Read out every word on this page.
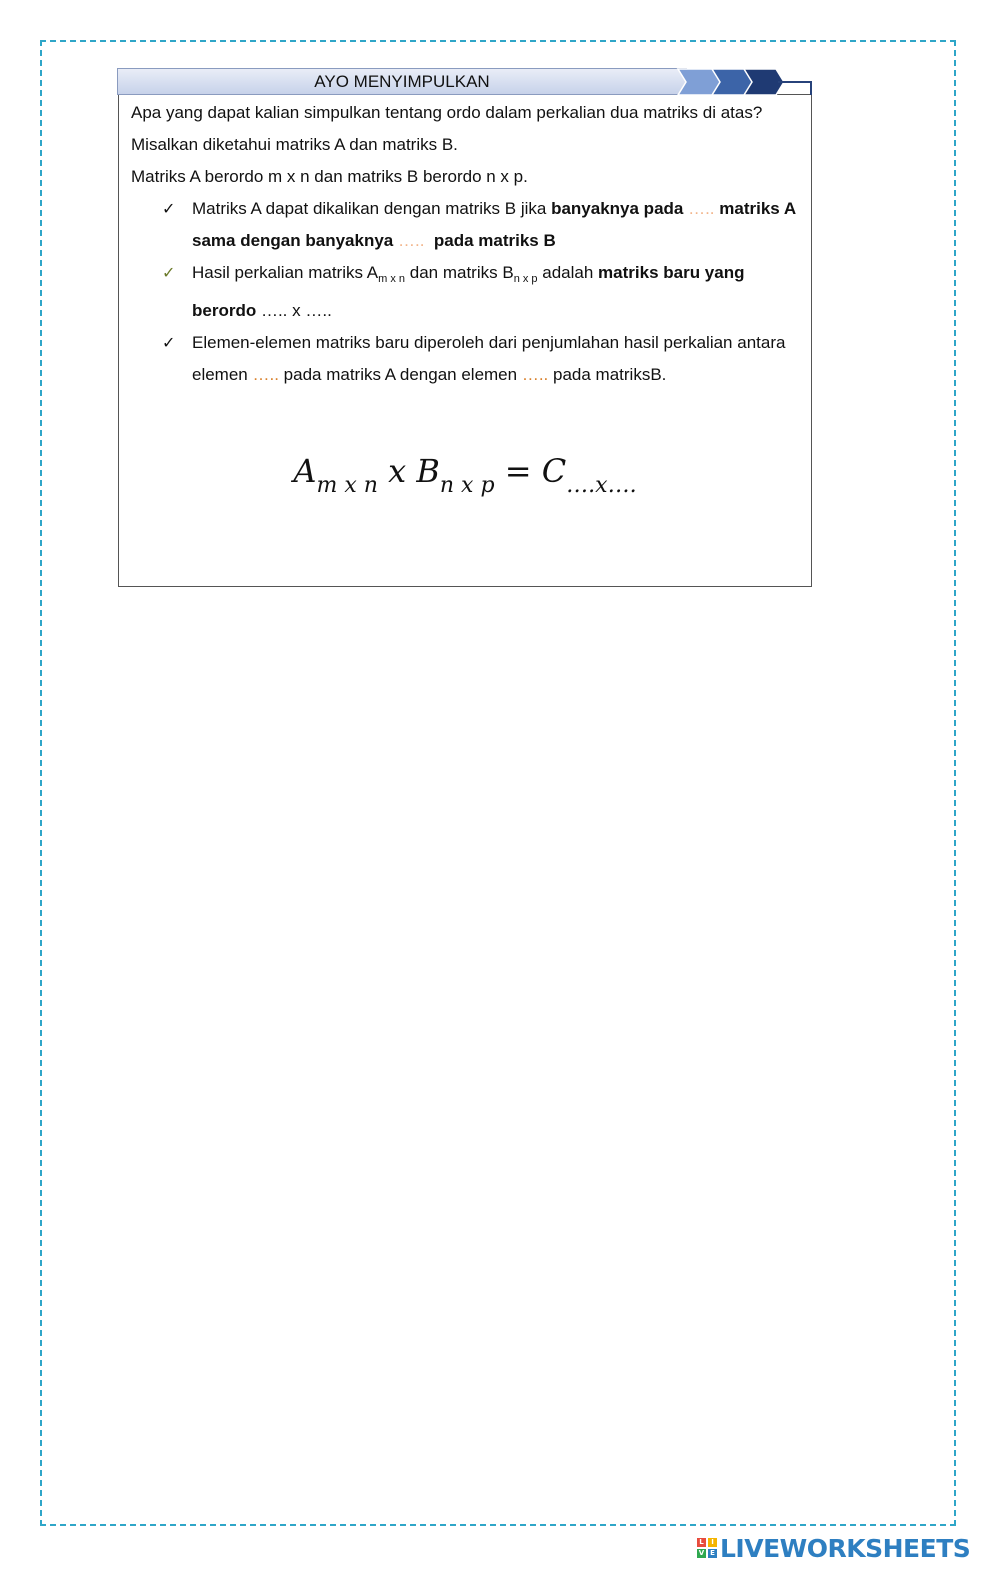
AYO MENYIMPULKAN

Apa yang dapat kalian simpulkan tentang ordo dalam perkalian dua matriks di atas?

Misalkan diketahui matriks A dan matriks B.

Matriks A berordo m x n dan matriks B berordo n x p.

✓ Matriks A dapat dikalikan dengan matriks B jika banyaknya pada ….. matriks A sama dengan banyaknya …..  pada matriks B
✓ Hasil perkalian matriks $A_{m x n}$ dan matriks $B_{n x p}$ adalah matriks baru yang berordo ….. x …..
✓ Elemen-elemen matriks baru diperoleh dari penjumlahan hasil perkalian antara elemen ….. pada matriks A dengan elemen ….. pada matriksB.
$A_{m x n}$ x $B_{n x p} = C_{\dots.x\dots.}$
L	I
V E LIVEWORKSHEETS
